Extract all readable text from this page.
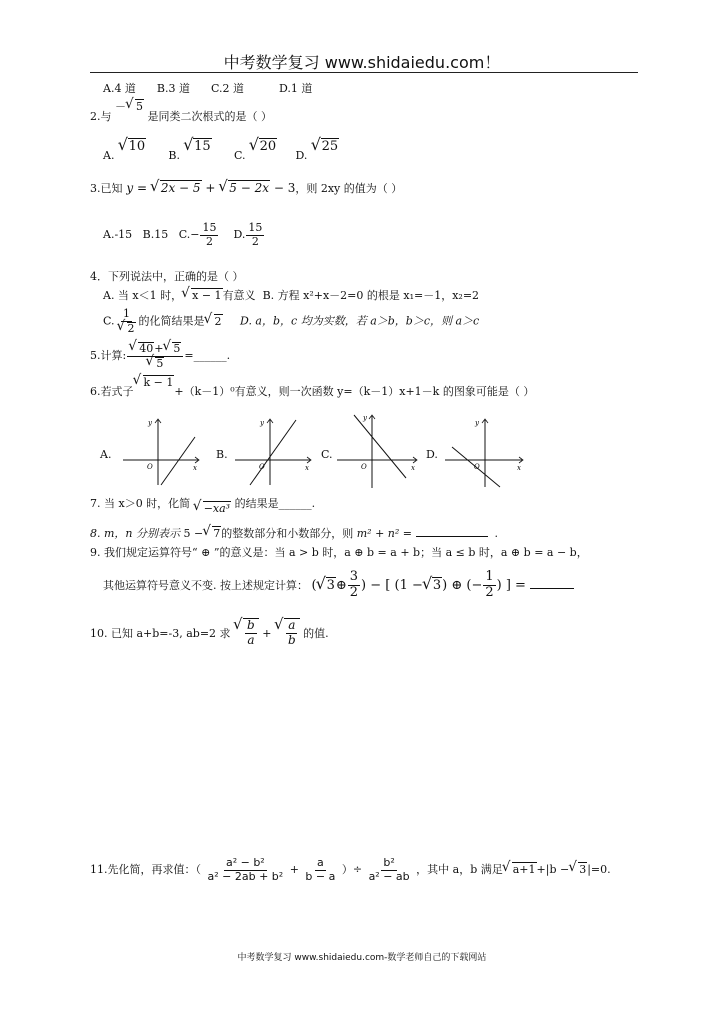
中考数学复习 www.shidaiedu.com！
A.4 道      B.3 道      C.2 道          D.1 道
2.与 － √ 5 是同类二次根式的是（ ）
$_{A.}$ √ 10  $_{B.}$ √ 15  $_{C.}$ √ 20  $_{D.}$ √ 25
3.已知 y = √ 2x − 5 + √ 5 − 2x − 3，则 2xy 的值为（ ）
A.-15 B.15 $C.- \frac{15}{2} D$. $\frac{15}{2}$
4．下列说法中，正确的是（ ）
A. 当 x＜1 时， √ x − 1有意义 B. 方程 x²+x－2=0 的根是 x₁=－1，x₂=2
C. 1
√ 2 的化简结果是 √ 2 D. a，b，c 均为实数，若 a＞b，b＞c，则 a＞c
5.计算: √ 40+ √ 5
√ 5 =______.
6.若式子√ k − 1+（k－1）⁰有意义，则一次函数 y=（k－1）x+1－k 的图象可能是（ ）
A.	B.	C.	D.
x
y
O	x
y
O	x
y
O	x
y
O
7. 当 x＞0 时，化简 √ −xa³ 的结果是______.
8. m，n 分别表示 5 − √ 7的整数部分和小数部分，则 m² + n² =	.
9. 我们规定运算符号“ ⊕ ”的意义是：当 a > b 时，a ⊕ b = a + b；当 a ≤ b 时，a ⊕ b = a − b，
其他运算符号意义不变. 按上述规定计算： ( √ 3⊕ $\frac{3}{2}$ ) − [ (1 − √ 3) ⊕ (− $\frac{1}{2}$ ) ] =
10. 已知 a+b=-3, ab=2 求 √ $\frac{b}{a}$ + √ $\frac{a}{b}$ 的值.
11.先化简，再求值：（ $\frac{\text{a² − b²}}{\text{a² − 2ab + b²}} + \frac{a}{b - a}$ ）÷ $\frac{\text{b²}}{\text{a² − ab}}$ ，其中 a，b 满足 √ a+1+|b − √ 3|=0.
中考数学复习 www.shidaiedu.com-数学老师自己的下载网站
